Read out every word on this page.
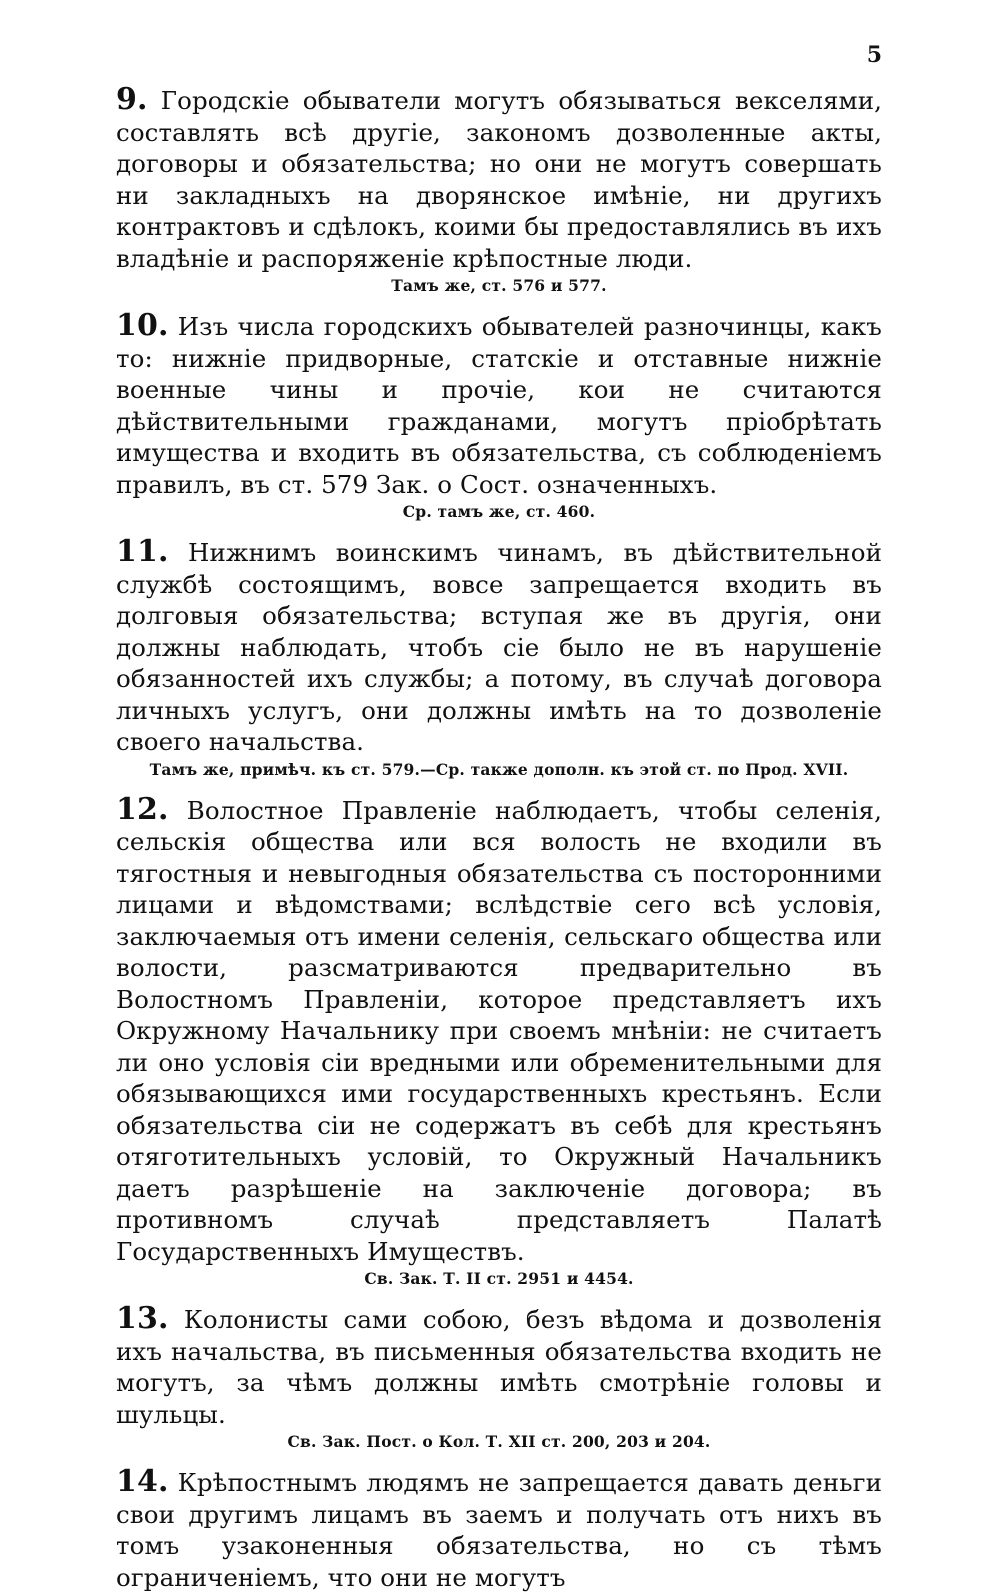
5

9. Городскіе обыватели могутъ обязываться векселями, составлять всѣ другіе, закономъ дозволенные акты, договоры и обязательства; но они не могутъ совершать ни закладныхъ на дворянское имѣніе, ни другихъ контрактовъ и сдѣлокъ, коими бы предоставлялись въ ихъ владѣніе и распоряженіе крѣпостные люди.

Тамъ же, ст. 576 и 577.

10. Изъ числа городскихъ обывателей разночинцы, какъ то: нижніе придворные, статскіе и отставные нижніе военные чины и прочіе, кои не считаются дѣйствительными гражданами, могутъ пріобрѣтать имущества и входить въ обязательства, съ соблюденіемъ правилъ, въ ст. 579 Зак. о Сост. означенныхъ.

Ср. тамъ же, ст. 460.

11. Нижнимъ воинскимъ чинамъ, въ дѣйствительной службѣ состоящимъ, вовсе запрещается входить въ долговыя обязательства; вступая же въ другія, они должны наблюдать, чтобъ сіе было не въ нарушеніе обязанностей ихъ службы; а потому, въ случаѣ договора личныхъ услугъ, они должны имѣть на то дозволеніе своего начальства.

Тамъ же, примѣч. къ ст. 579.—Ср. также дополн. къ этой ст. по Прод. XVII.

12. Волостное Правленіе наблюдаетъ, чтобы селенія, сельскія общества или вся волость не входили въ тягостныя и невыгодныя обязательства съ посторонними лицами и вѣдомствами; вслѣдствіе сего всѣ условія, заключаемыя отъ имени селенія, сельскаго общества или волости, разсматриваются предварительно въ Волостномъ Правленіи, которое представляетъ ихъ Окружному Начальнику при своемъ мнѣніи: не считаетъ ли оно условія сіи вредными или обременительными для обязывающихся ими государственныхъ крестьянъ. Если обязательства сіи не содержатъ въ себѣ для крестьянъ отяготительныхъ условій, то Окружный Начальникъ даетъ разрѣшеніе на заключеніе договора; въ противномъ случаѣ представляетъ Палатѣ Государственныхъ Имуществъ.

Св. Зак. Т. II ст. 2951 и 4454.

13. Колонисты сами собою, безъ вѣдома и дозволенія ихъ начальства, въ письменныя обязательства входить не могутъ, за чѣмъ должны имѣть смотрѣніе головы и шульцы.

Св. Зак. Пост. о Кол. Т. XII ст. 200, 203 и 204.

14. Крѣпостнымъ людямъ не запрещается давать деньги свои другимъ лицамъ въ заемъ и получать отъ нихъ въ томъ узаконенныя обязательства, но съ тѣмъ ограниченіемъ, что они не могутъ
